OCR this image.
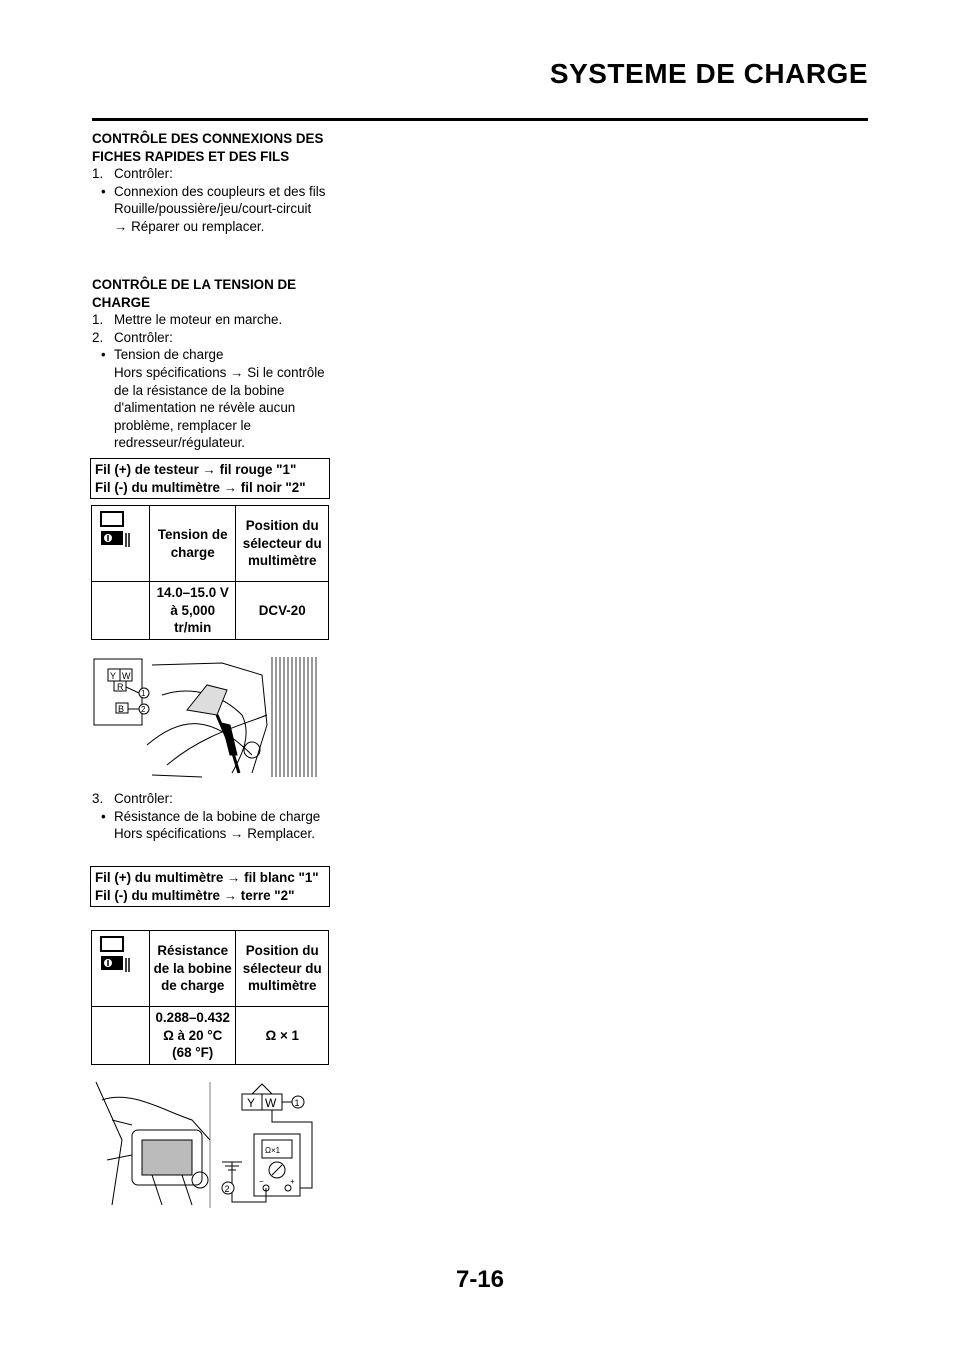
SYSTEME DE CHARGE

CONTRÔLE DES CONNEXIONS DES FICHES RAPIDES ET DES FILS

1. Contrôler:
• Connexion des coupleurs et des fils
Rouille/poussière/jeu/court-circuit
→ Réparer ou remplacer.

CONTRÔLE DE LA TENSION DE CHARGE

1. Mettre le moteur en marche.
2. Contrôler:
• Tension de charge
Hors spécifications → Si le contrôle de la résistance de la bobine d'alimentation ne révèle aucun problème, remplacer le redresseur/régulateur.
Fil (+) de testeur → fil rouge "1"
Fil (-) du multimètre → fil noir "2"
	Tension de charge	Position du sélecteur du multimètre
	14.0–15.0 V à 5,000 tr/min	DCV-20
Y W
R
1
B 2
3. Contrôler:
• Résistance de la bobine de charge
Hors spécifications → Remplacer.
Fil (+) du multimètre → fil blanc "1"
Fil (-) du multimètre → terre "2"
	Résistance de la bobine de charge	Position du sélecteur du multimètre
	0.288–0.432 Ω à 20 °C (68 °F)	Ω × 1
Y W 1
Ω×1
−	+
2
7-16
